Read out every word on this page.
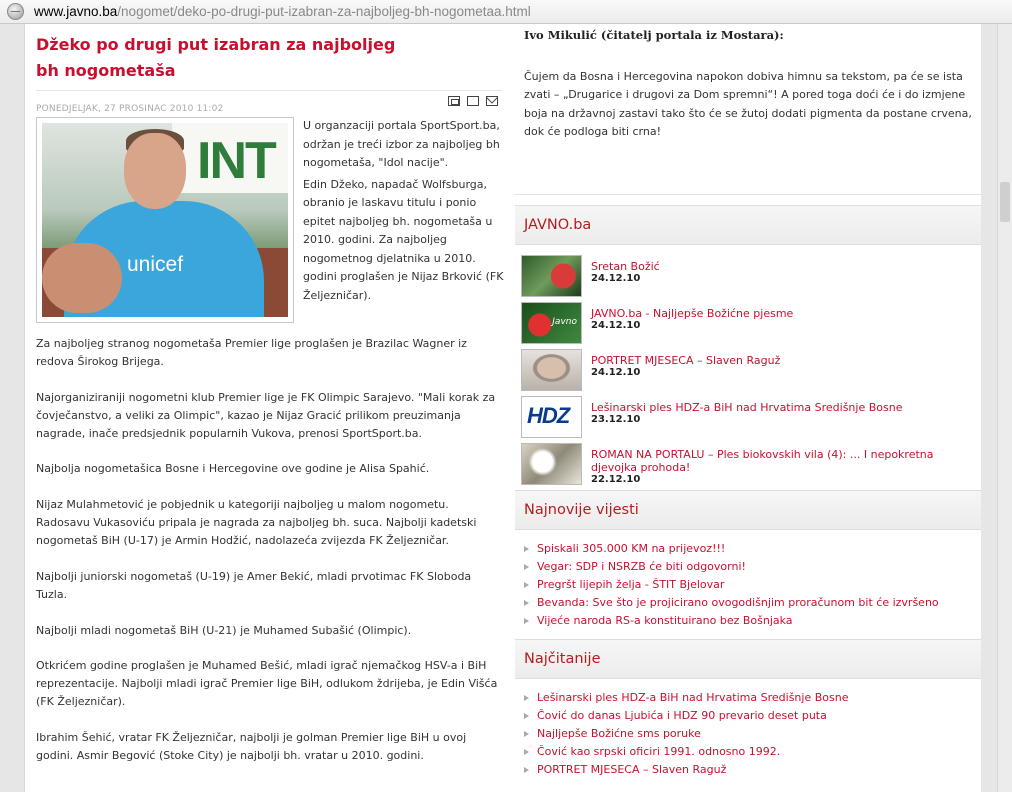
www.javno.ba/nogomet/deko-po-drugi-put-izabran-za-najboljeg-bh-nogometaa.html
Džeko po drugi put izabran za najboljeg bh nogometaša
PONEDJELJAK, 27 PROSINAC 2010 11:02
INT
unicef

U organzaciji portala SportSport.ba, održan je treći izbor za najboljeg bh nogometaša, "Idol nacije".

Edin Džeko, napadač Wolfsburga, obranio je laskavu titulu i ponio epitet najboljeg bh. nogometaša u 2010. godini. Za najboljeg nogometnog djelatnika u 2010. godini proglašen je Nijaz Brković (FK Željezničar).

Za najboljeg stranog nogometaša Premier lige proglašen je Brazilac Wagner iz redova Širokog Brijega.

Najorganiziraniji nogometni klub Premier lige je FK Olimpic Sarajevo. "Mali korak za čovječanstvo, a veliki za Olimpic", kazao je Nijaz Gracić prilikom preuzimanja nagrade, inače predsjednik popularnih Vukova, prenosi SportSport.ba.

Najbolja nogometašica Bosne i Hercegovine ove godine je Alisa Spahić.

Nijaz Mulahmetović je pobjednik u kategoriji najboljeg u malom nogometu. Radosavu Vukasoviću pripala je nagrada za najboljeg bh. suca. Najbolji kadetski nogometaš BiH (U-17) je Armin Hodžić, nadolazeća zvijezda FK Željezničar.

Najbolji juniorski nogometaš (U-19) je Amer Bekić, mladi prvotimac FK Sloboda Tuzla.

Najbolji mladi nogometaš BiH (U-21) je Muhamed Subašić (Olimpic).

Otkrićem godine proglašen je Muhamed Bešić, mladi igrač njemačkog HSV-a i BiH reprezentacije. Najbolji mladi igrač Premier lige BiH, odlukom ždrijeba, je Edin Višća (FK Željezničar).

Ibrahim Šehić, vratar FK Željezničar, najbolji je golman Premier lige BiH u ovoj godini. Asmir Begović (Stoke City) je najbolji bh. vratar u 2010. godini.

Ivo Mikulić (čitatelj portala iz Mostara):
Čujem da Bosna i Hercegovina napokon dobiva himnu sa tekstom, pa će se ista zvati – „Drugarice i drugovi za Dom spremni“! A pored toga doći će i do izmjene boja na državnoj zastavi tako što će se žutoj dodati pigmenta da postane crvena, dok će podloga biti crna!
JAVNO.ba
Sretan Božić
24.12.10
Javno
JAVNO.ba - Najljepše Božićne pjesme
24.12.10
PORTRET MJESECA – Slaven Raguž
24.12.10
HDZ Lešinarski ples HDZ-a BiH nad Hrvatima Središnje Bosne
23.12.10
ROMAN NA PORTALU – Ples biokovskih vila (4): ... I nepokretna djevojka prohoda!
22.12.10
Najnovije vijesti
Spiskali 305.000 KM na prijevoz!!!
Vegar: SDP i NSRZB će biti odgovorni!
Pregršt lijepih želja - ŠTIT Bjelovar
Bevanda: Sve što je projicirano ovogodišnjim proračunom bit će izvršeno
Vijeće naroda RS-a konstituirano bez Bošnjaka
Najčitanije
Lešinarski ples HDZ-a BiH nad Hrvatima Središnje Bosne
Čović do danas Ljubića i HDZ 90 prevario deset puta
Najljepše Božićne sms poruke
Čović kao srpski oficiri 1991. odnosno 1992.
PORTRET MJESECA – Slaven Raguž
